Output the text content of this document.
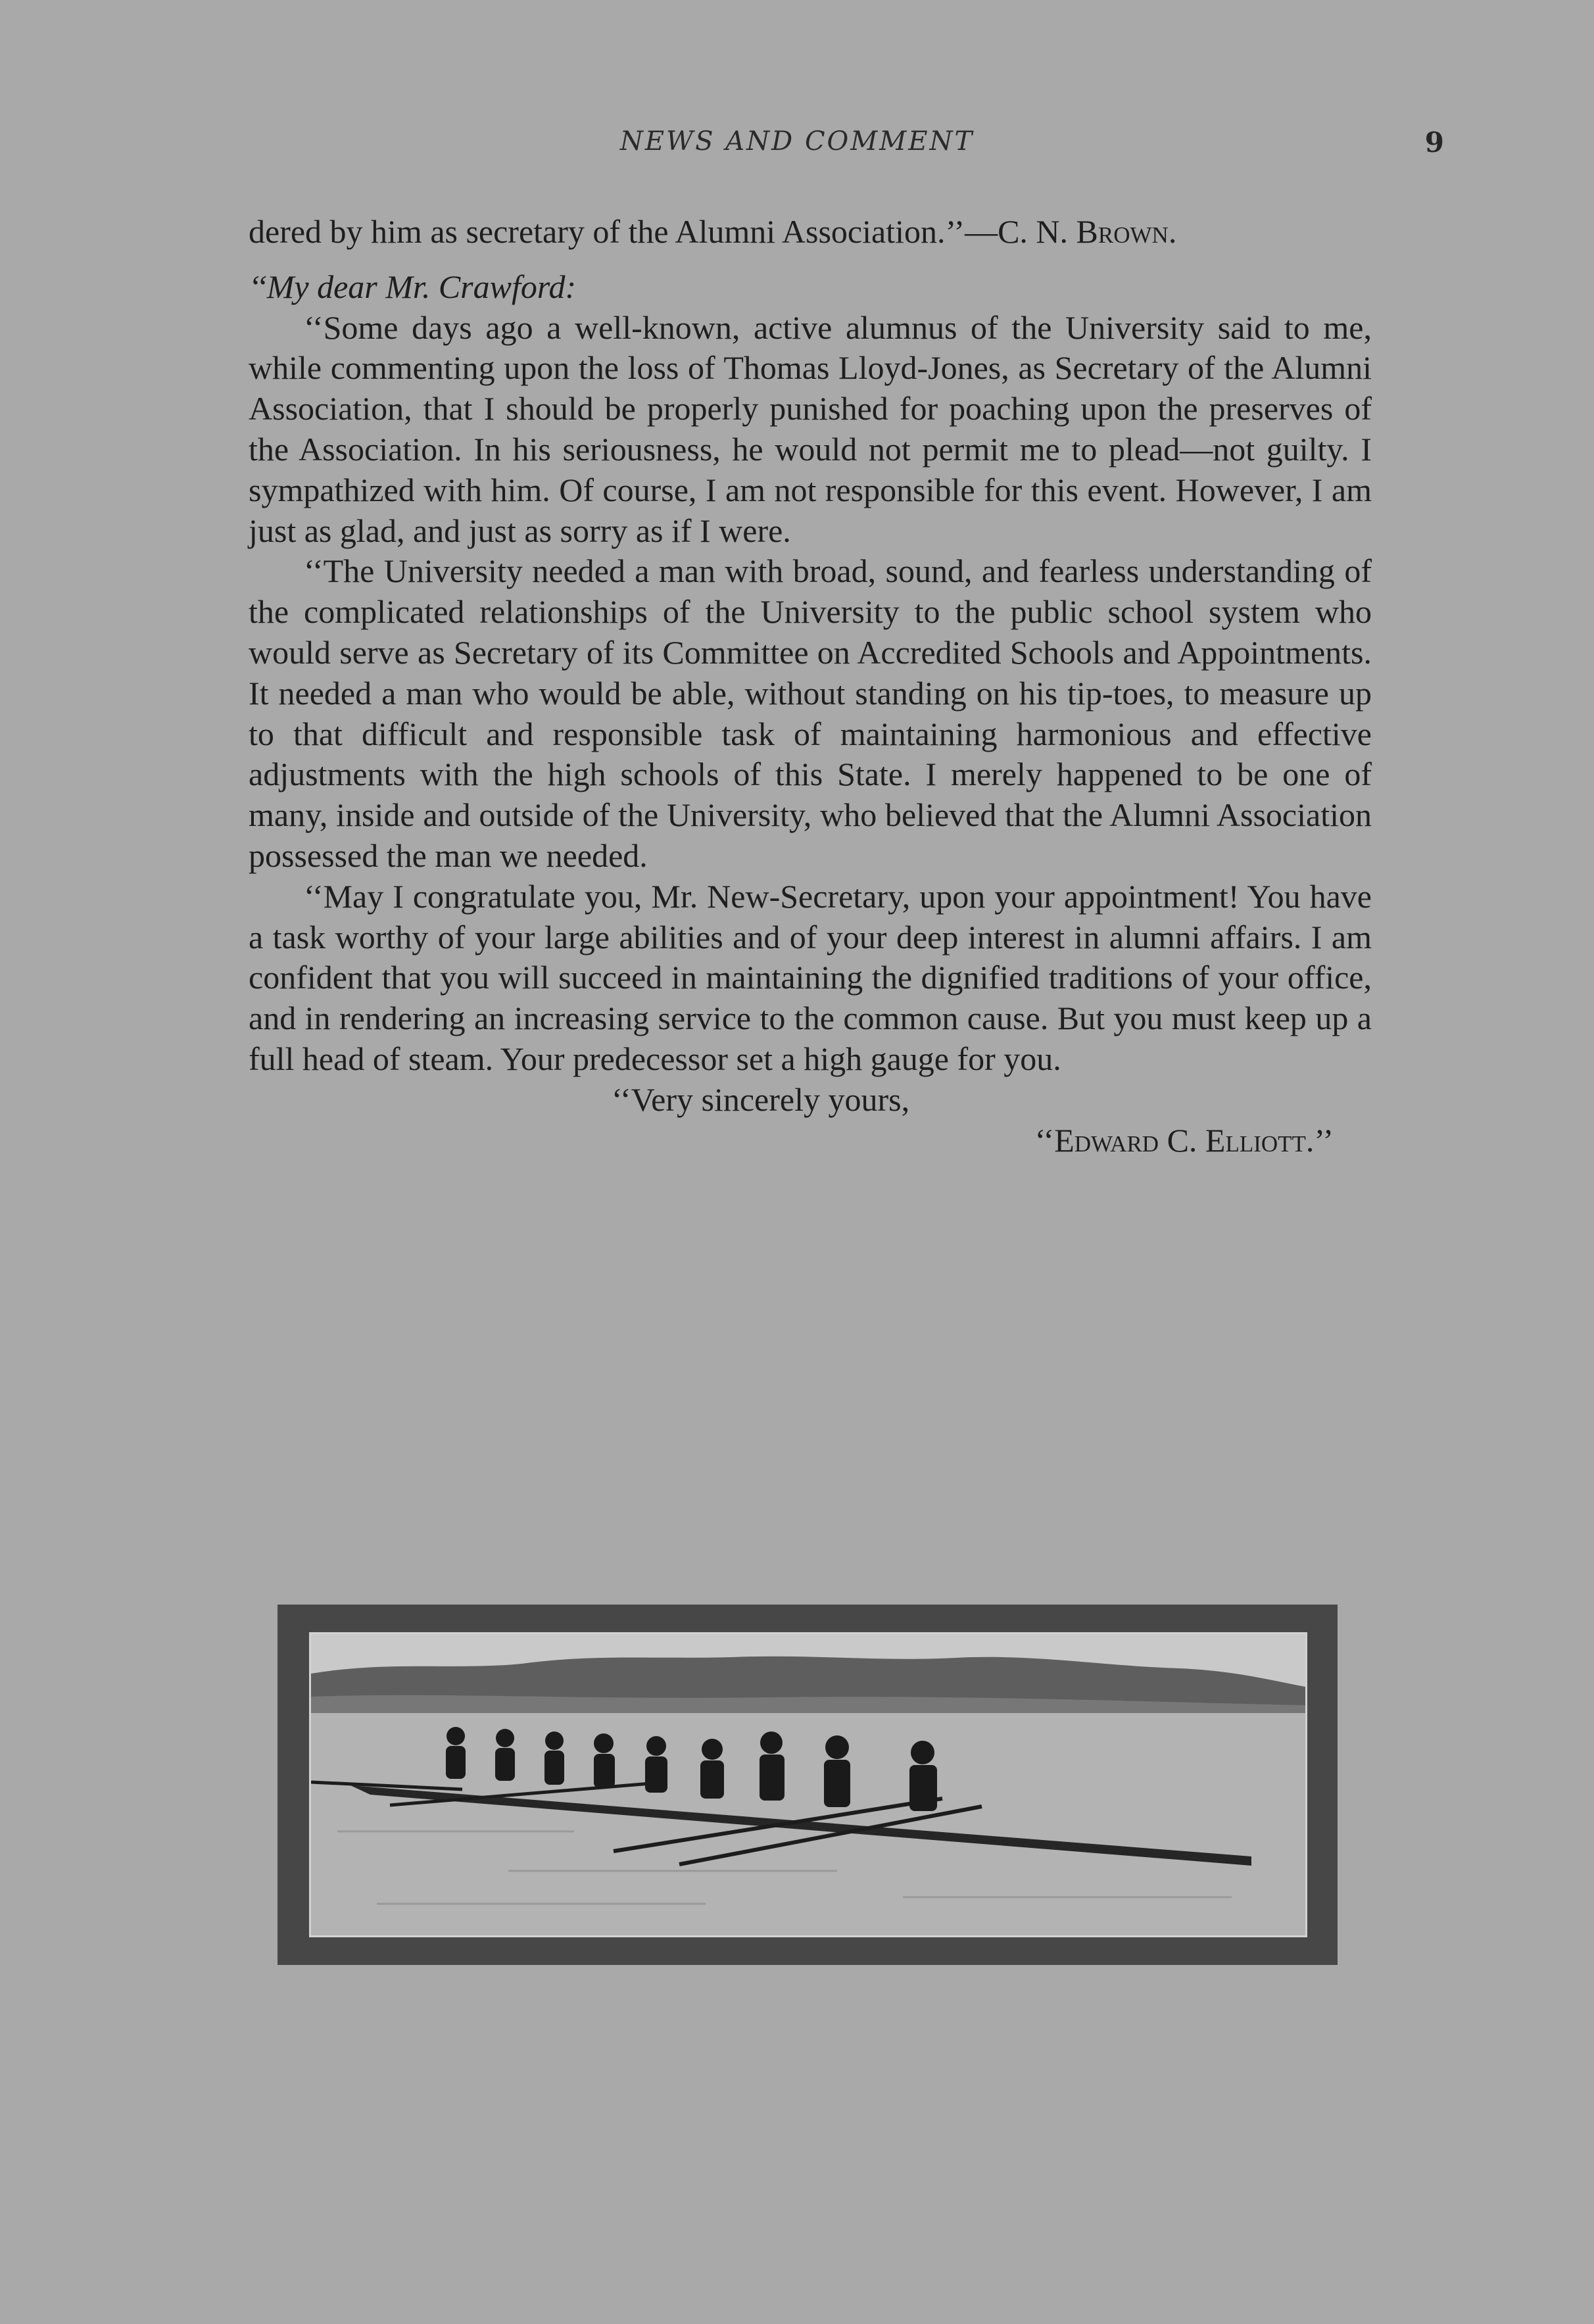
NEWS AND COMMENT	9

dered by him as secretary of the Alumni Association.’’—C. N. Brown.

‘‘My dear Mr. Crawford:

‘‘Some days ago a well-known, active alumnus of the University said to me, while commenting upon the loss of Thomas Lloyd-Jones, as Secretary of the Alumni Association, that I should be properly punished for poaching upon the preserves of the Association. In his seriousness, he would not permit me to plead—not guilty. I sympathized with him. Of course, I am not responsible for this event. However, I am just as glad, and just as sorry as if I were.

‘‘The University needed a man with broad, sound, and fearless understanding of the complicated relationships of the University to the public school system who would serve as Secretary of its Committee on Accredited Schools and Appointments. It needed a man who would be able, without standing on his tip-toes, to measure up to that difficult and responsible task of maintaining harmonious and effective adjustments with the high schools of this State. I merely happened to be one of many, inside and outside of the University, who believed that the Alumni Association possessed the man we needed.

‘‘May I congratulate you, Mr. New-Secretary, upon your appointment! You have a task worthy of your large abilities and of your deep interest in alumni affairs. I am confident that you will succeed in maintaining the dignified traditions of your office, and in rendering an increasing service to the common cause. But you must keep up a full head of steam. Your predecessor set a high gauge for you.

‘‘Very sincerely yours,

‘‘Edward C. Elliott.’’
